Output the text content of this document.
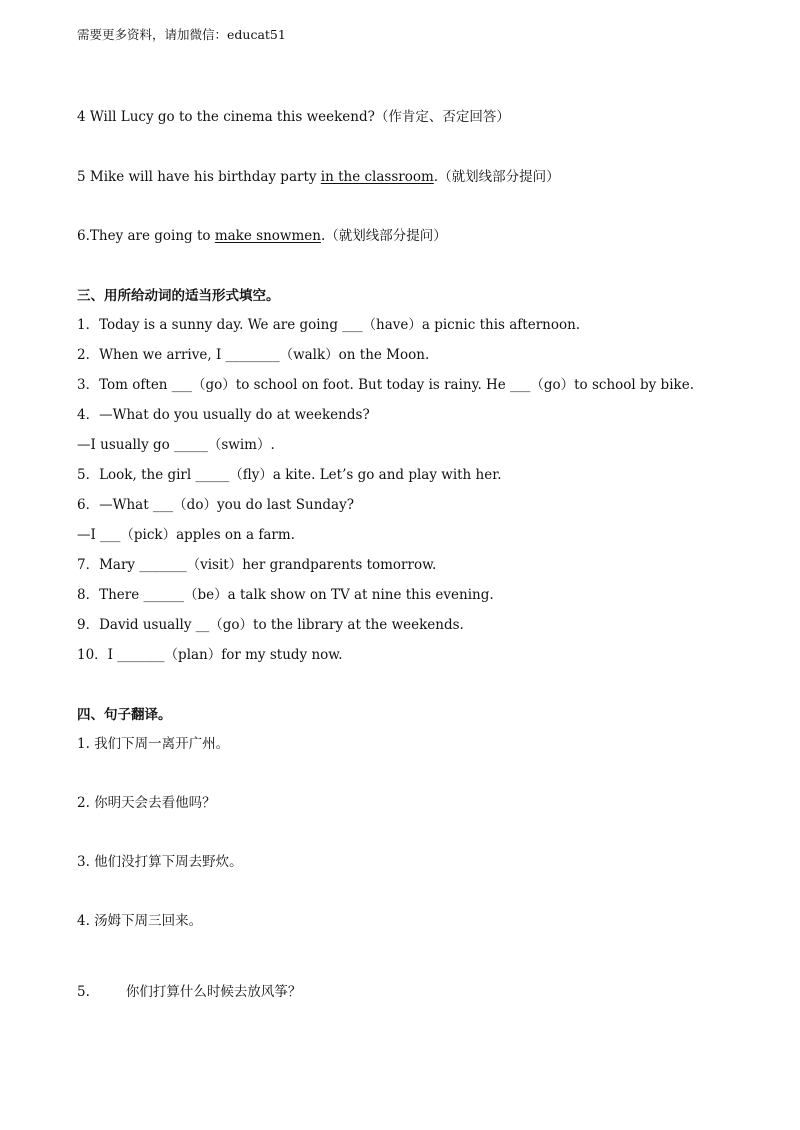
需要更多资料，请加微信：educat51

4 Will Lucy go to the cinema this weekend?（作肯定、否定回答）

5 Mike will have his birthday party in the classroom.（就划线部分提问）

6.They are going to make snowmen.（就划线部分提问）

三、用所给动词的适当形式填空。

1．Today is a sunny day. We are going ___（have）a picnic this afternoon.

2．When we arrive, I ________（walk）on the Moon.

3．Tom often ___（go）to school on foot. But today is rainy. He ___（go）to school by bike.

4．—What do you usually do at weekends?

—I usually go _____（swim）.

5．Look, the girl _____（fly）a kite. Let’s go and play with her.

6．—What ___（do）you do last Sunday?

—I ___（pick）apples on a farm.

7．Mary _______（visit）her grandparents tomorrow.

8．There ______（be）a talk show on TV at nine this evening.

9．David usually __（go）to the library at the weekends.

10．I _______（plan）for my study now.

四、句子翻译。

1. 我们下周一离开广州。

2. 你明天会去看他吗？

3. 他们没打算下周去野炊。

4. 汤姆下周三回来。

5.	你们打算什么时候去放风筝？
